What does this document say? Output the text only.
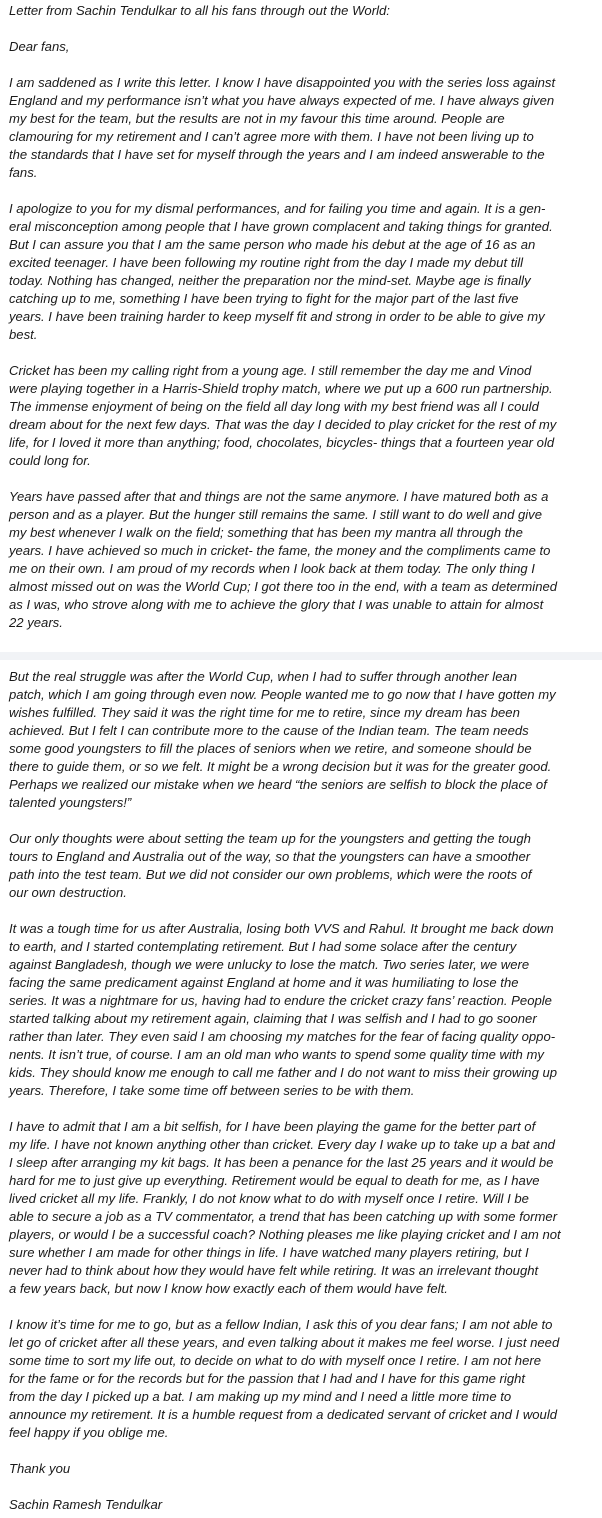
Letter from Sachin Tendulkar to all his fans through out the World:
Dear fans,
I am saddened as I write this letter. I know I have disappointed you with the series loss against
England and my performance isn’t what you have always expected of me. I have always given
my best for the team, but the results are not in my favour this time around. People are
clamouring for my retirement and I can’t agree more with them. I have not been living up to
the standards that I have set for myself through the years and I am indeed answerable to the
fans.
I apologize to you for my dismal performances, and for failing you time and again. It is a gen-
eral misconception among people that I have grown complacent and taking things for granted.
But I can assure you that I am the same person who made his debut at the age of 16 as an
excited teenager. I have been following my routine right from the day I made my debut till
today. Nothing has changed, neither the preparation nor the mind-set. Maybe age is finally
catching up to me, something I have been trying to fight for the major part of the last five
years. I have been training harder to keep myself fit and strong in order to be able to give my
best.
Cricket has been my calling right from a young age. I still remember the day me and Vinod
were playing together in a Harris-Shield trophy match, where we put up a 600 run partnership.
The immense enjoyment of being on the field all day long with my best friend was all I could
dream about for the next few days. That was the day I decided to play cricket for the rest of my
life, for I loved it more than anything; food, chocolates, bicycles- things that a fourteen year old
could long for.
Years have passed after that and things are not the same anymore. I have matured both as a
person and as a player. But the hunger still remains the same. I still want to do well and give
my best whenever I walk on the field; something that has been my mantra all through the
years. I have achieved so much in cricket- the fame, the money and the compliments came to
me on their own. I am proud of my records when I look back at them today. The only thing I
almost missed out on was the World Cup; I got there too in the end, with a team as determined
as I was, who strove along with me to achieve the glory that I was unable to attain for almost
22 years.
But the real struggle was after the World Cup, when I had to suffer through another lean
patch, which I am going through even now. People wanted me to go now that I have gotten my
wishes fulfilled. They said it was the right time for me to retire, since my dream has been
achieved. But I felt I can contribute more to the cause of the Indian team. The team needs
some good youngsters to fill the places of seniors when we retire, and someone should be
there to guide them, or so we felt. It might be a wrong decision but it was for the greater good.
Perhaps we realized our mistake when we heard “the seniors are selfish to block the place of
talented youngsters!”
Our only thoughts were about setting the team up for the youngsters and getting the tough
tours to England and Australia out of the way, so that the youngsters can have a smoother
path into the test team. But we did not consider our own problems, which were the roots of
our own destruction.
It was a tough time for us after Australia, losing both VVS and Rahul. It brought me back down
to earth, and I started contemplating retirement. But I had some solace after the century
against Bangladesh, though we were unlucky to lose the match. Two series later, we were
facing the same predicament against England at home and it was humiliating to lose the
series. It was a nightmare for us, having had to endure the cricket crazy fans’ reaction. People
started talking about my retirement again, claiming that I was selfish and I had to go sooner
rather than later. They even said I am choosing my matches for the fear of facing quality oppo-
nents. It isn’t true, of course. I am an old man who wants to spend some quality time with my
kids. They should know me enough to call me father and I do not want to miss their growing up
years. Therefore, I take some time off between series to be with them.
I have to admit that I am a bit selfish, for I have been playing the game for the better part of
my life. I have not known anything other than cricket. Every day I wake up to take up a bat and
I sleep after arranging my kit bags. It has been a penance for the last 25 years and it would be
hard for me to just give up everything. Retirement would be equal to death for me, as I have
lived cricket all my life. Frankly, I do not know what to do with myself once I retire. Will I be
able to secure a job as a TV commentator, a trend that has been catching up with some former
players, or would I be a successful coach? Nothing pleases me like playing cricket and I am not
sure whether I am made for other things in life. I have watched many players retiring, but I
never had to think about how they would have felt while retiring. It was an irrelevant thought
a few years back, but now I know how exactly each of them would have felt.
I know it’s time for me to go, but as a fellow Indian, I ask this of you dear fans; I am not able to
let go of cricket after all these years, and even talking about it makes me feel worse. I just need
some time to sort my life out, to decide on what to do with myself once I retire. I am not here
for the fame or for the records but for the passion that I had and I have for this game right
from the day I picked up a bat. I am making up my mind and I need a little more time to
announce my retirement. It is a humble request from a dedicated servant of cricket and I would
feel happy if you oblige me.
Thank you
Sachin Ramesh Tendulkar
